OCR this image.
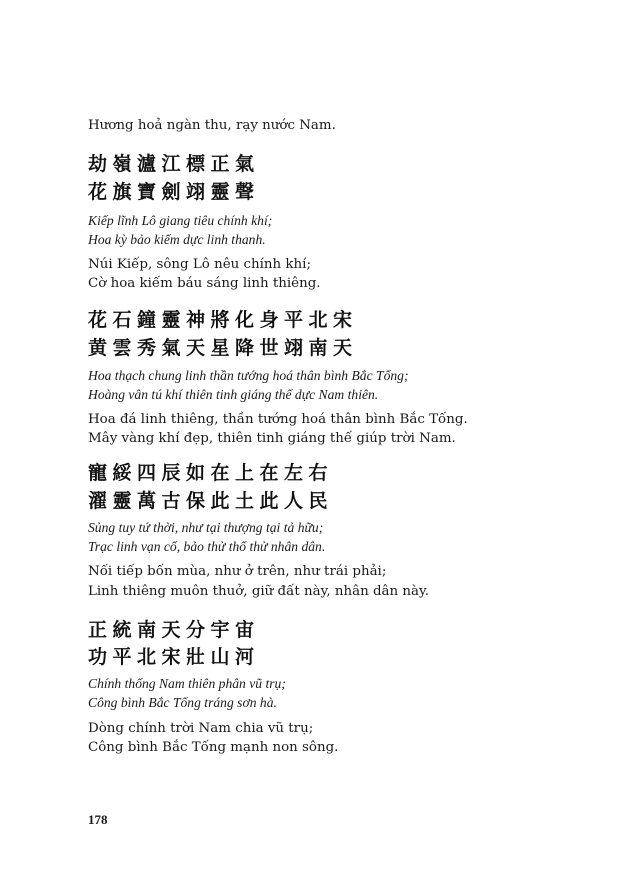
Hương hoả ngàn thu, rạy nước Nam.
劫嶺瀘江標正氣
花旗寶劍翊靈聲
Kiếp lĩnh Lô giang tiêu chính khí;
Hoa kỳ bảo kiếm dực linh thanh.
Núi Kiếp, sông Lô nêu chính khí;
Cờ hoa kiếm báu sáng linh thiêng.
花石鐘靈神將化身平北宋
黄雲秀氣天星降世翊南天
Hoa thạch chung linh thần tướng hoá thân bình Bắc Tống;
Hoàng vân tú khí thiên tinh giáng thế dực Nam thiên.
Hoa đá linh thiêng, thần tướng hoá thân bình Bắc Tống.
Mây vàng khí đẹp, thiên tinh giáng thế giúp trời Nam.
寵綏四辰如在上在左右
濯靈萬古保此土此人民
Sủng tuy tứ thời, như tại thượng tại tả hữu;
Trạc linh vạn cổ, bảo thử thổ thử nhân dân.
Nối tiếp bốn mùa, như ở trên, như trái phải;
Linh thiêng muôn thuở, giữ đất này, nhân dân này.
正統南天分宇宙
功平北宋壯山河
Chính thống Nam thiên phân vũ trụ;
Công bình Bắc Tống tráng sơn hà.
Dòng chính trời Nam chia vũ trụ;
Công bình Bắc Tống mạnh non sông.
178
